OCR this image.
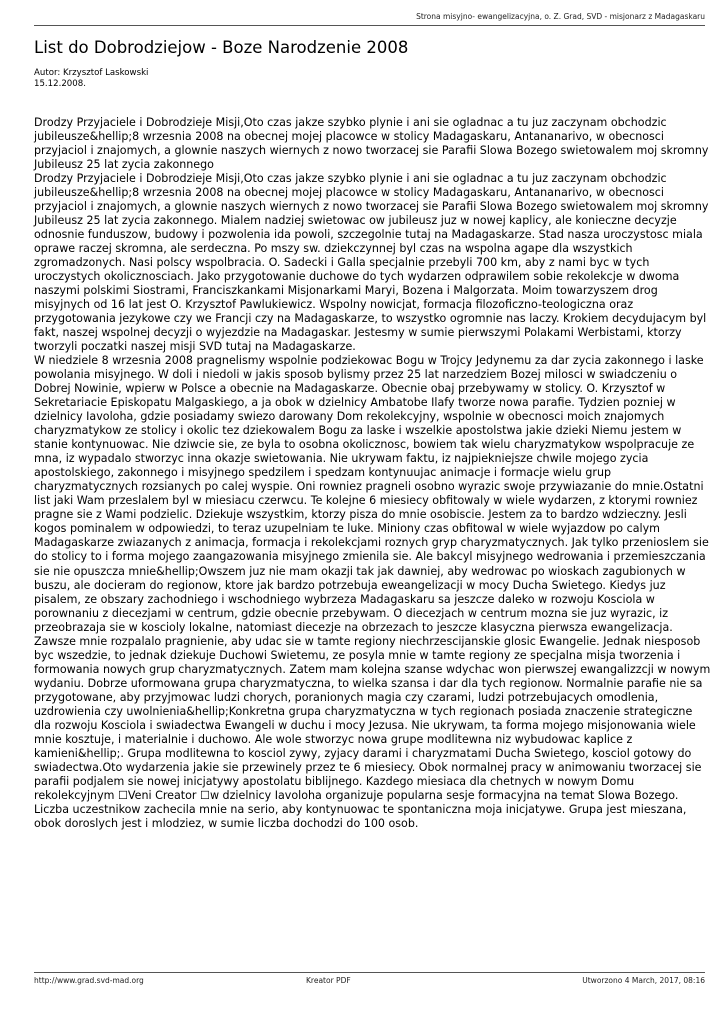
Strona misyjno- ewangelizacyjna, o. Z. Grad, SVD - misjonarz z Madagaskaru
List do Dobrodziejow - Boze Narodzenie 2008
Autor: Krzysztof Laskowski
15.12.2008.

Drodzy Przyjaciele i Dobrodzieje Misji,Oto czas jakze szybko plynie i ani sie ogladnac a tu juz zaczynam obchodzic jubileusze&hellip;8 wrzesnia 2008 na obecnej mojej placowce w stolicy Madagaskaru, Antananarivo, w obecnosci przyjaciol i znajomych, a glownie naszych wiernych z nowo tworzacej sie Parafii Slowa Bozego swietowalem moj skromny Jubileusz 25 lat zycia zakonnego

Drodzy Przyjaciele i Dobrodzieje Misji,Oto czas jakze szybko plynie i ani sie ogladnac a tu juz zaczynam obchodzic jubileusze&hellip;8 wrzesnia 2008 na obecnej mojej placowce w stolicy Madagaskaru, Antananarivo, w obecnosci przyjaciol i znajomych, a glownie naszych wiernych z nowo tworzacej sie Parafii Slowa Bozego swietowalem moj skromny Jubileusz 25 lat zycia zakonnego. Mialem nadziej swietowac ow jubileusz juz w nowej kaplicy, ale konieczne decyzje odnosnie funduszow, budowy i pozwolenia ida powoli, szczegolnie tutaj na Madagaskarze. Stad nasza uroczystosc miala oprawe raczej skromna, ale serdeczna. Po mszy sw. dziekczynnej byl czas na wspolna agape dla wszystkich zgromadzonych. Nasi polscy wspolbracia. O. Sadecki i Galla specjalnie przebyli 700 km, aby z nami byc w tych uroczystych okolicznosciach. Jako przygotowanie duchowe do tych wydarzen odprawilem sobie rekolekcje w dwoma naszymi polskimi Siostrami, Franciszkankami Misjonarkami Maryi, Bozena i Malgorzata. Moim towarzyszem drog misyjnych od 16 lat jest O. Krzysztof Pawlukiewicz. Wspolny nowicjat, formacja filozoficzno-teologiczna oraz przygotowania jezykowe czy we Francji czy na Madagaskarze, to wszystko ogromnie nas laczy. Krokiem decydujacym byl fakt, naszej wspolnej decyzji o wyjezdzie na Madagaskar. Jestesmy w sumie pierwszymi Polakami Werbistami, ktorzy tworzyli poczatki naszej misji SVD tutaj na Madagaskarze.

W niedziele 8 wrzesnia 2008 pragnelismy wspolnie podziekowac Bogu w Trojcy Jedynemu za dar zycia zakonnego i laske powolania misyjnego. W doli i niedoli w jakis sposob bylismy przez 25 lat narzedziem Bozej milosci w swiadczeniu o Dobrej Nowinie, wpierw w Polsce a obecnie na Madagaskarze. Obecnie obaj przebywamy w stolicy. O. Krzysztof w Sekretariacie Episkopatu Malgaskiego, a ja obok w dzielnicy Ambatobe Ilafy tworze nowa parafie. Tydzien pozniej w dzielnicy Iavoloha, gdzie posiadamy swiezo darowany Dom rekolekcyjny, wspolnie w obecnosci moich znajomych charyzmatykow ze stolicy i okolic tez dziekowalem Bogu za laske i wszelkie apostolstwa jakie dzieki Niemu jestem w stanie kontynuowac. Nie dziwcie sie, ze byla to osobna okolicznosc, bowiem tak wielu charyzmatykow wspolpracuje ze mna, iz wypadalo stworzyc inna okazje swietowania. Nie ukrywam faktu, iz najpiekniejsze chwile mojego zycia apostolskiego, zakonnego i misyjnego spedzilem i spedzam kontynuujac animacje i formacje wielu grup charyzmatycznych rozsianych po calej wyspie. Oni rowniez pragneli osobno wyrazic swoje przywiazanie do mnie.Ostatni list jaki Wam przeslalem byl w miesiacu czerwcu. Te kolejne 6 miesiecy obfitowaly w wiele wydarzen, z ktorymi rowniez pragne sie z Wami podzielic. Dziekuje wszystkim, ktorzy pisza do mnie osobiscie. Jestem za to bardzo wdzieczny. Jesli kogos pominalem w odpowiedzi, to teraz uzupelniam te luke. Miniony czas obfitowal w wiele wyjazdow po calym Madagaskarze zwiazanych z animacja, formacja i rekolekcjami roznych gryp charyzmatycznych. Jak tylko przenioslem sie do stolicy to i forma mojego zaangazowania misyjnego zmienila sie. Ale bakcyl misyjnego wedrowania i przemieszczania sie nie opuszcza mnie&hellip;Owszem juz nie mam okazji tak jak dawniej, aby wedrowac po wioskach zagubionych w buszu, ale docieram do regionow, ktore jak bardzo potrzebuja eweangelizacji w mocy Ducha Swietego. Kiedys juz pisalem, ze obszary zachodniego i wschodniego wybrzeza Madagaskaru sa jeszcze daleko w rozwoju Kosciola w porownaniu z diecezjami w centrum, gdzie obecnie przebywam. O diecezjach w centrum mozna sie juz wyrazic, iz przeobrazaja sie w koscioly lokalne, natomiast diecezje na obrzezach to jeszcze klasyczna pierwsza ewangelizacja. Zawsze mnie rozpalalo pragnienie, aby udac sie w tamte regiony niechrzescijanskie glosic Ewangelie. Jednak niesposob byc wszedzie, to jednak dziekuje Duchowi Swietemu, ze posyla mnie w tamte regiony ze specjalna misja tworzenia i formowania nowych grup charyzmatycznych. Zatem mam kolejna szanse wdychac won pierwszej ewangalizzcji w nowym wydaniu. Dobrze uformowana grupa charyzmatyczna, to wielka szansa i dar dla tych regionow. Normalnie parafie nie sa przygotowane, aby przyjmowac ludzi chorych, poranionych magia czy czarami, ludzi potrzebujacych omodlenia, uzdrowienia czy uwolnienia&hellip;Konkretna grupa charyzmatyczna w tych regionach posiada znaczenie strategiczne dla rozwoju Kosciola i swiadectwa Ewangeli w duchu i mocy Jezusa. Nie ukrywam, ta forma mojego misjonowania wiele mnie kosztuje, i materialnie i duchowo. Ale wole stworzyc nowa grupe modlitewna niz wybudowac kaplice z kamieni&hellip;. Grupa modlitewna to kosciol zywy, zyjacy darami i charyzmatami Ducha Swietego, kosciol gotowy do swiadectwa.Oto wydarzenia jakie sie przewinely przez te 6 miesiecy. Obok normalnej pracy w animowaniu tworzacej sie parafii podjalem sie nowej inicjatywy apostolatu biblijnego. Kazdego miesiaca dla chetnych w nowym Domu rekolekcyjnym ☐Veni Creator ☐w dzielnicy Iavoloha organizuje popularna sesje formacyjna na temat Slowa Bozego. Liczba uczestnikow zachecila mnie na serio, aby kontynuowac te spontaniczna moja inicjatywe. Grupa jest mieszana, obok doroslych jest i mlodziez, w sumie liczba dochodzi do 100 osob.

http://www.grad.svd-mad.org	Kreator PDF	Utworzono 4 March, 2017, 08:16
